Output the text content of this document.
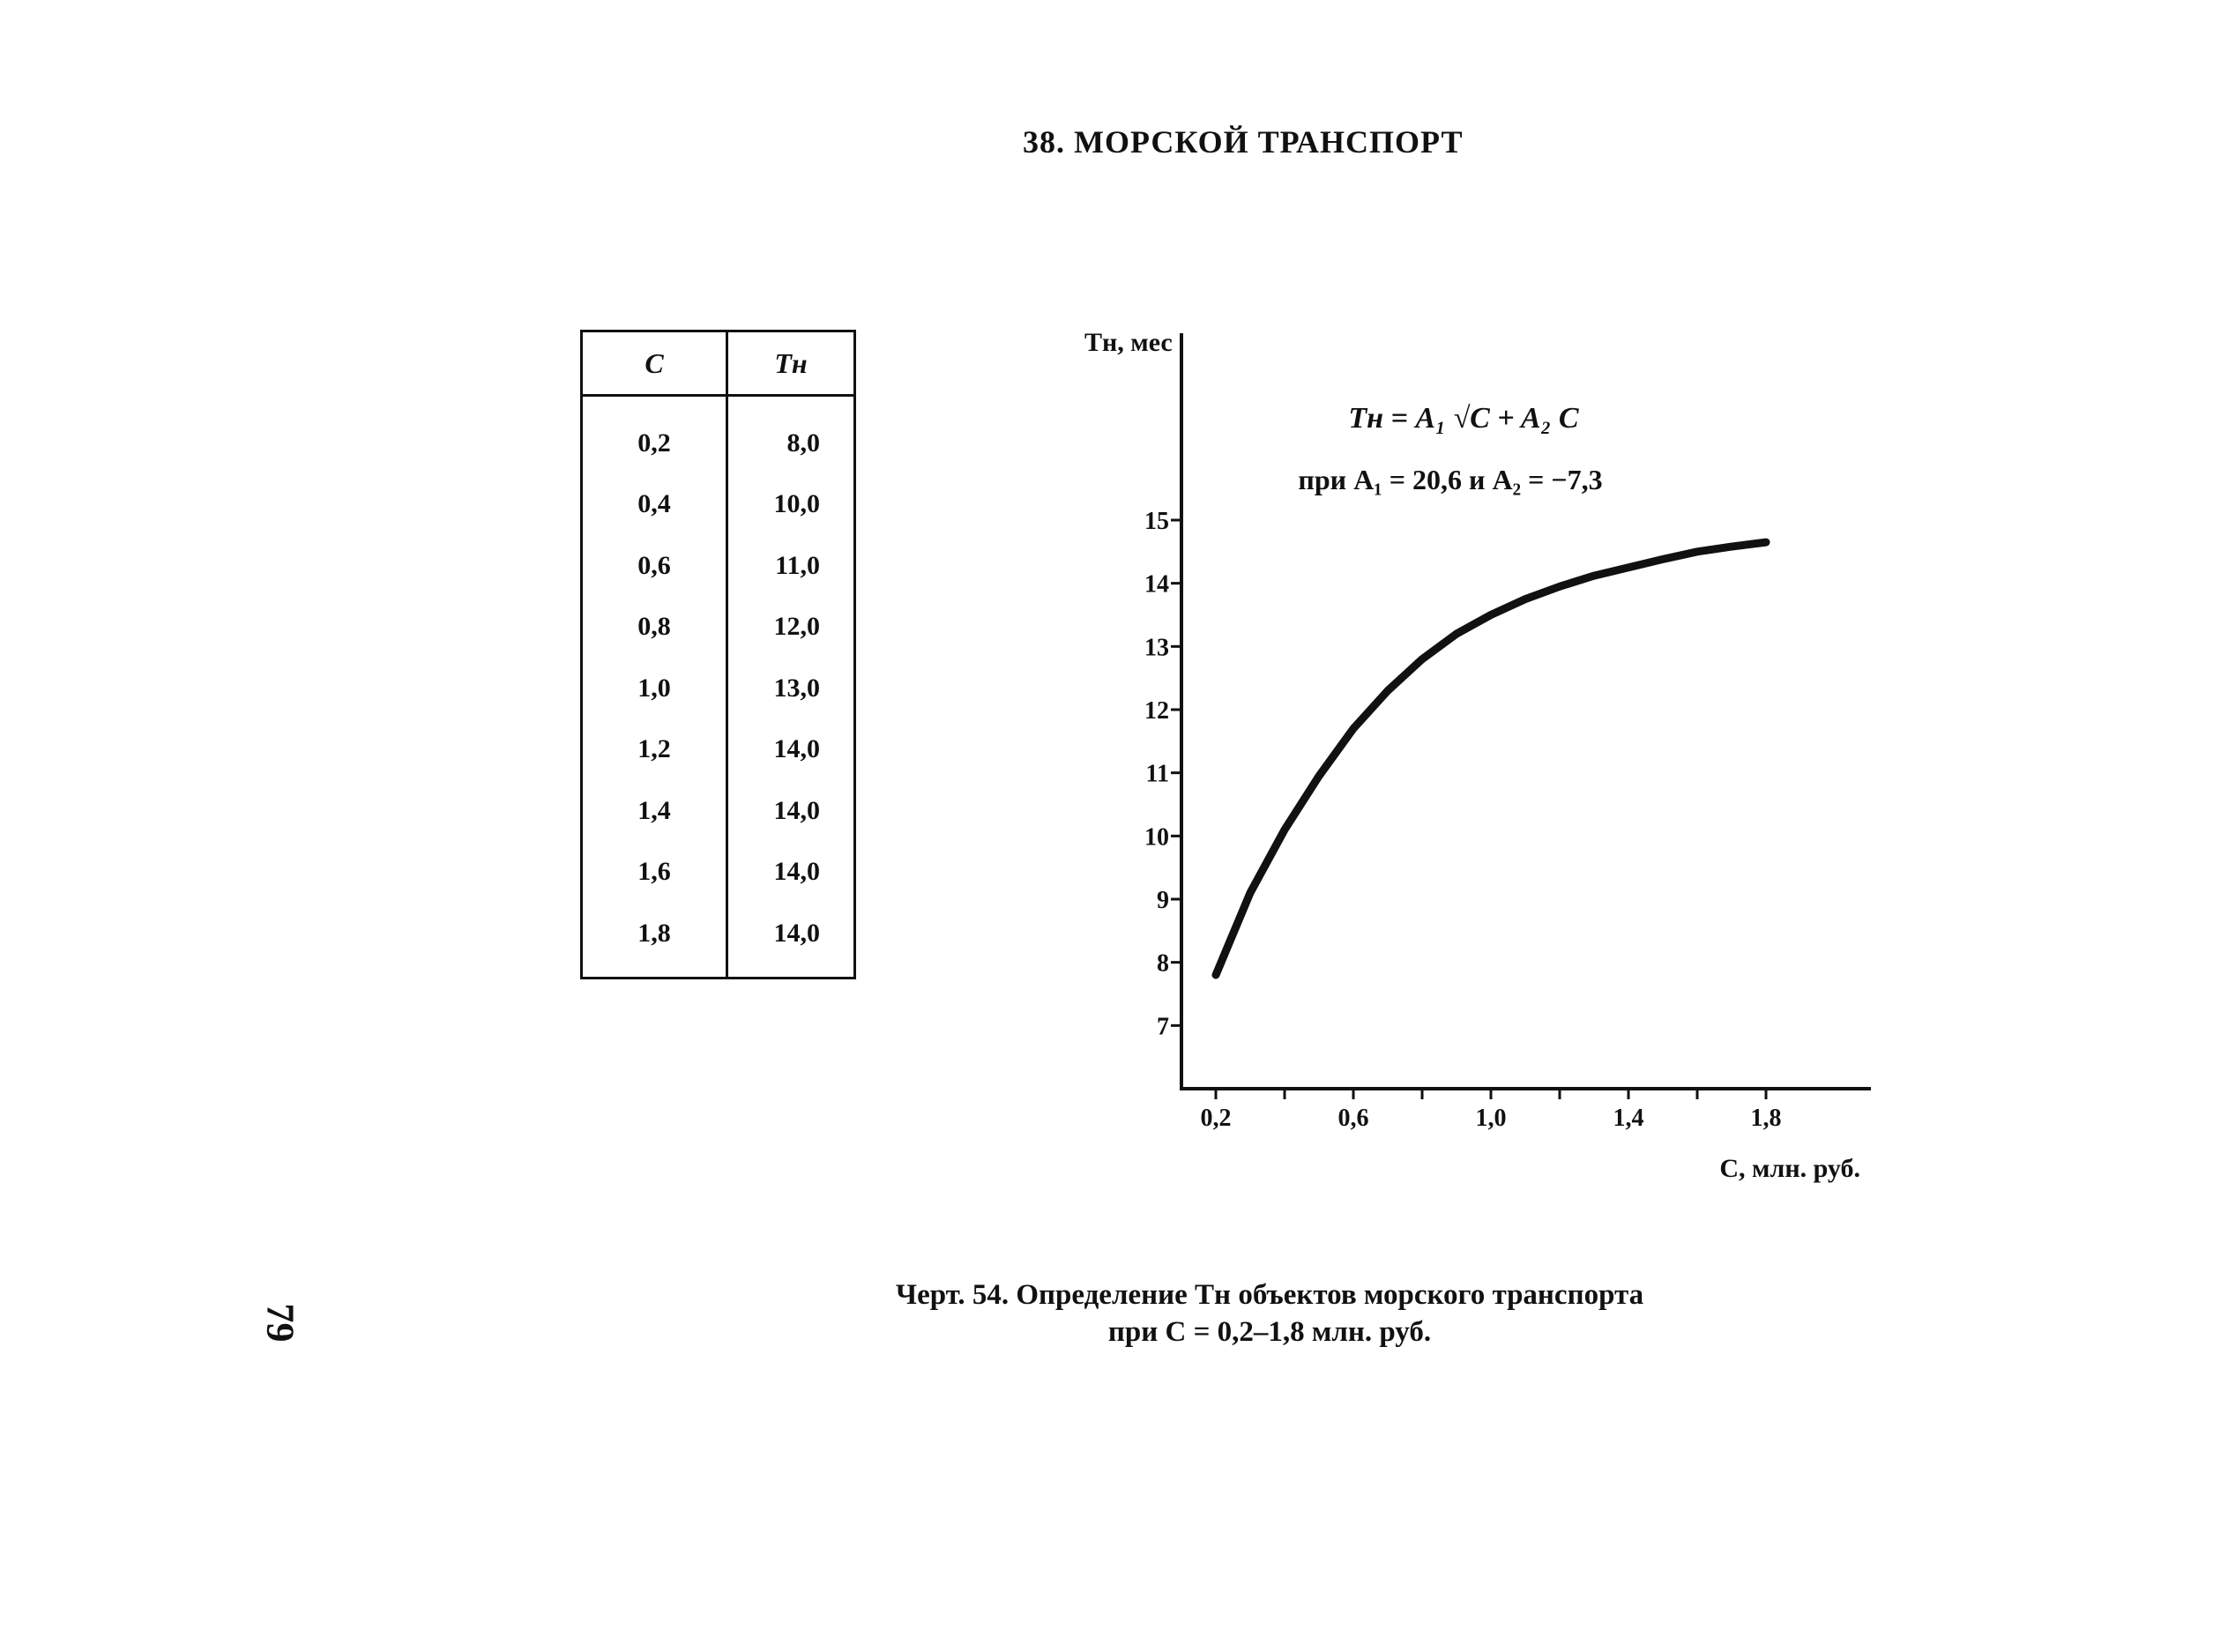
38. МОРСКОЙ ТРАНСПОРТ
79
C	Tн
0,2	8,0
0,4	10,0
0,6	11,0
0,8	12,0
1,0	13,0
1,2	14,0
1,4	14,0
1,6	14,0
1,8	14,0
7
8
9
10
11
12
13
14
15
0,2	0,6	1,0	1,4	1,8
Tн, мес
C, млн. руб.
Tн = A₁ √C + A₂ C
при A₁ = 20,6 и A₂ = −7,3
Черт. 54. Определение Tн объектов морского транспорта
при C = 0,2–1,8 млн. руб.
